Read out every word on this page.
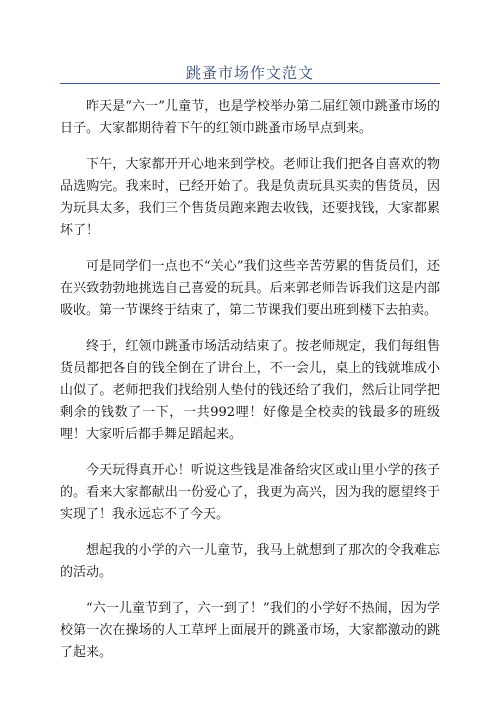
跳蚤市场作文范文

昨天是“六一”儿童节，也是学校举办第二届红领巾跳蚤市场的日子。大家都期待着下午的红领巾跳蚤市场早点到来。

下午，大家都开开心地来到学校。老师让我们把各自喜欢的物品选购完。我来时，已经开始了。我是负责玩具买卖的售货员，因为玩具太多，我们三个售货员跑来跑去收钱，还要找钱，大家都累坏了！

可是同学们一点也不“关心”我们这些辛苦劳累的售货员们，还在兴致勃勃地挑选自己喜爱的玩具。后来郭老师告诉我们这是内部吸收。第一节课终于结束了，第二节课我们要出班到楼下去拍卖。

终于，红领巾跳蚤市场活动结束了。按老师规定，我们每组售货员都把各自的钱全倒在了讲台上，不一会儿，桌上的钱就堆成小山似了。老师把我们找给别人垫付的钱还给了我们，然后让同学把剩余的钱数了一下，一共992哩！好像是全校卖的钱最多的班级哩！大家听后都手舞足蹈起来。

今天玩得真开心！听说这些钱是准备给灾区或山里小学的孩子的。看来大家都献出一份爱心了，我更为高兴，因为我的愿望终于实现了！我永远忘不了今天。

想起我的小学的六一儿童节，我马上就想到了那次的令我难忘的活动。

“六一儿童节到了，六一到了！”我们的小学好不热闹，因为学校第一次在操场的人工草坪上面展开的跳蚤市场，大家都激动的跳了起来。
